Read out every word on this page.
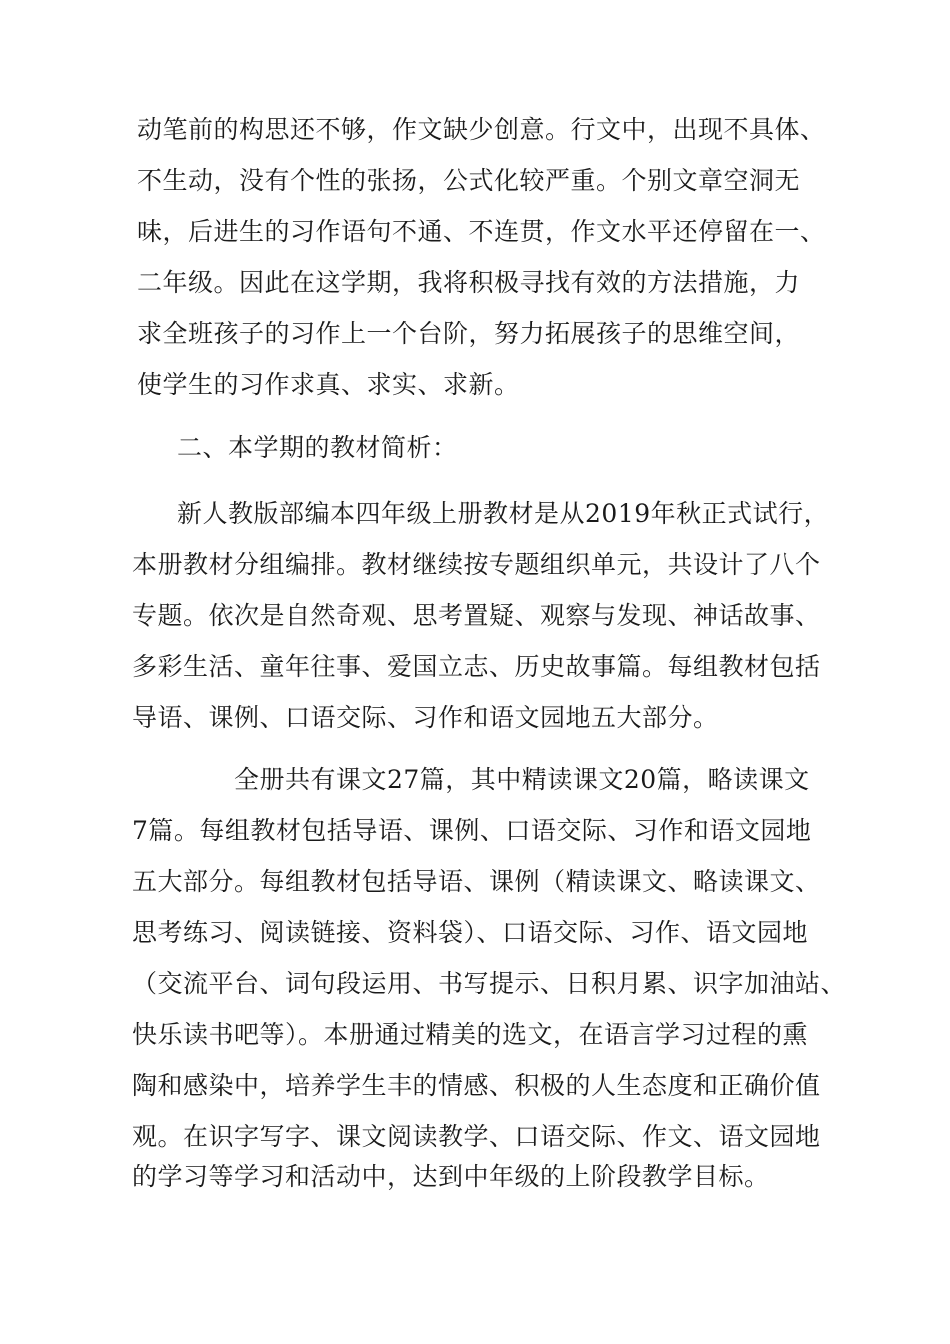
动笔前的构思还不够，作文缺少创意。行文中，出现不具体、
不生动，没有个性的张扬，公式化较严重。个别文章空洞无
味，后进生的习作语句不通、不连贯，作文水平还停留在一、
二年级。因此在这学期，我将积极寻找有效的方法措施，力
求全班孩子的习作上一个台阶，努力拓展孩子的思维空间，
使学生的习作求真、求实、求新。
二、本学期的教材简析：
新人教版部编本四年级上册教材是从2019年秋正式试行，
本册教材分组编排。教材继续按专题组织单元，共设计了八个
专题。依次是自然奇观、思考置疑、观察与发现、神话故事、
多彩生活、童年往事、爱国立志、历史故事篇。每组教材包括
导语、课例、口语交际、习作和语文园地五大部分。
全册共有课文27篇，其中精读课文20篇，略读课文
7篇。每组教材包括导语、课例、口语交际、习作和语文园地
五大部分。每组教材包括导语、课例（精读课文、略读课文、
思考练习、阅读链接、资料袋）、口语交际、习作、语文园地
（交流平台、词句段运用、书写提示、日积月累、识字加油站、
快乐读书吧等）。本册通过精美的选文，在语言学习过程的熏
陶和感染中，培养学生丰的情感、积极的人生态度和正确价值
观。在识字写字、课文阅读教学、口语交际、作文、语文园地
的学习等学习和活动中，达到中年级的上阶段教学目标。
